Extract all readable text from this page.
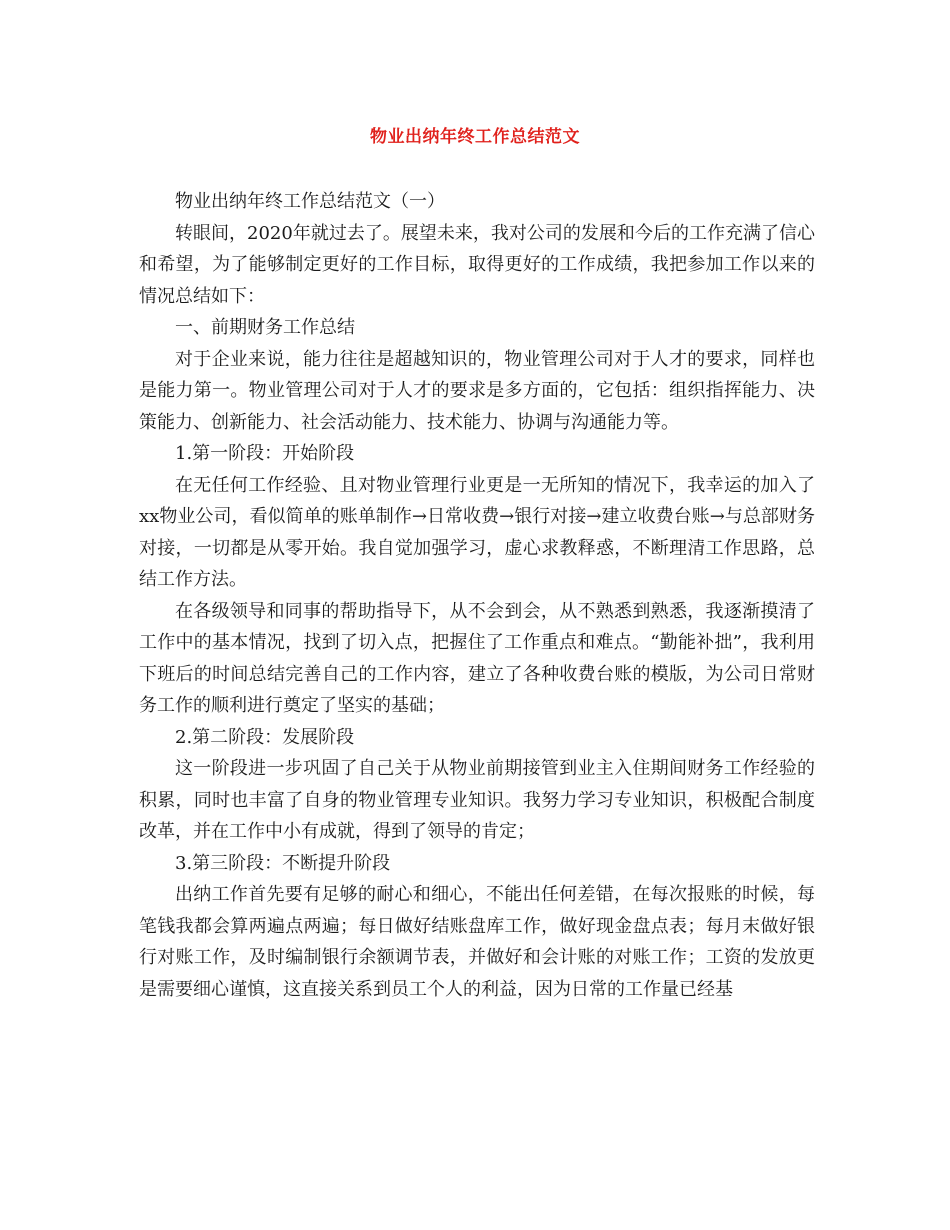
物业出纳年终工作总结范文

物业出纳年终工作总结范文（一）

转眼间，2020年就过去了。展望未来，我对公司的发展和今后的工作充满了信心和希望，为了能够制定更好的工作目标，取得更好的工作成绩，我把参加工作以来的情况总结如下：

一、前期财务工作总结

对于企业来说，能力往往是超越知识的，物业管理公司对于人才的要求，同样也是能力第一。物业管理公司对于人才的要求是多方面的，它包括：组织指挥能力、决策能力、创新能力、社会活动能力、技术能力、协调与沟通能力等。

1.第一阶段：开始阶段

在无任何工作经验、且对物业管理行业更是一无所知的情况下，我幸运的加入了xx物业公司，看似简单的账单制作→日常收费→银行对接→建立收费台账→与总部财务对接，一切都是从零开始。我自觉加强学习，虚心求教释惑，不断理清工作思路，总结工作方法。

在各级领导和同事的帮助指导下，从不会到会，从不熟悉到熟悉，我逐渐摸清了工作中的基本情况，找到了切入点，把握住了工作重点和难点。“勤能补拙”，我利用下班后的时间总结完善自己的工作内容，建立了各种收费台账的模版，为公司日常财务工作的顺利进行奠定了坚实的基础；

2.第二阶段：发展阶段

这一阶段进一步巩固了自己关于从物业前期接管到业主入住期间财务工作经验的积累，同时也丰富了自身的物业管理专业知识。我努力学习专业知识，积极配合制度改革，并在工作中小有成就，得到了领导的肯定；

3.第三阶段：不断提升阶段

出纳工作首先要有足够的耐心和细心，不能出任何差错，在每次报账的时候，每笔钱我都会算两遍点两遍；每日做好结账盘库工作，做好现金盘点表；每月末做好银行对账工作，及时编制银行余额调节表，并做好和会计账的对账工作；工资的发放更是需要细心谨慎，这直接关系到员工个人的利益，因为日常的工作量已经基
